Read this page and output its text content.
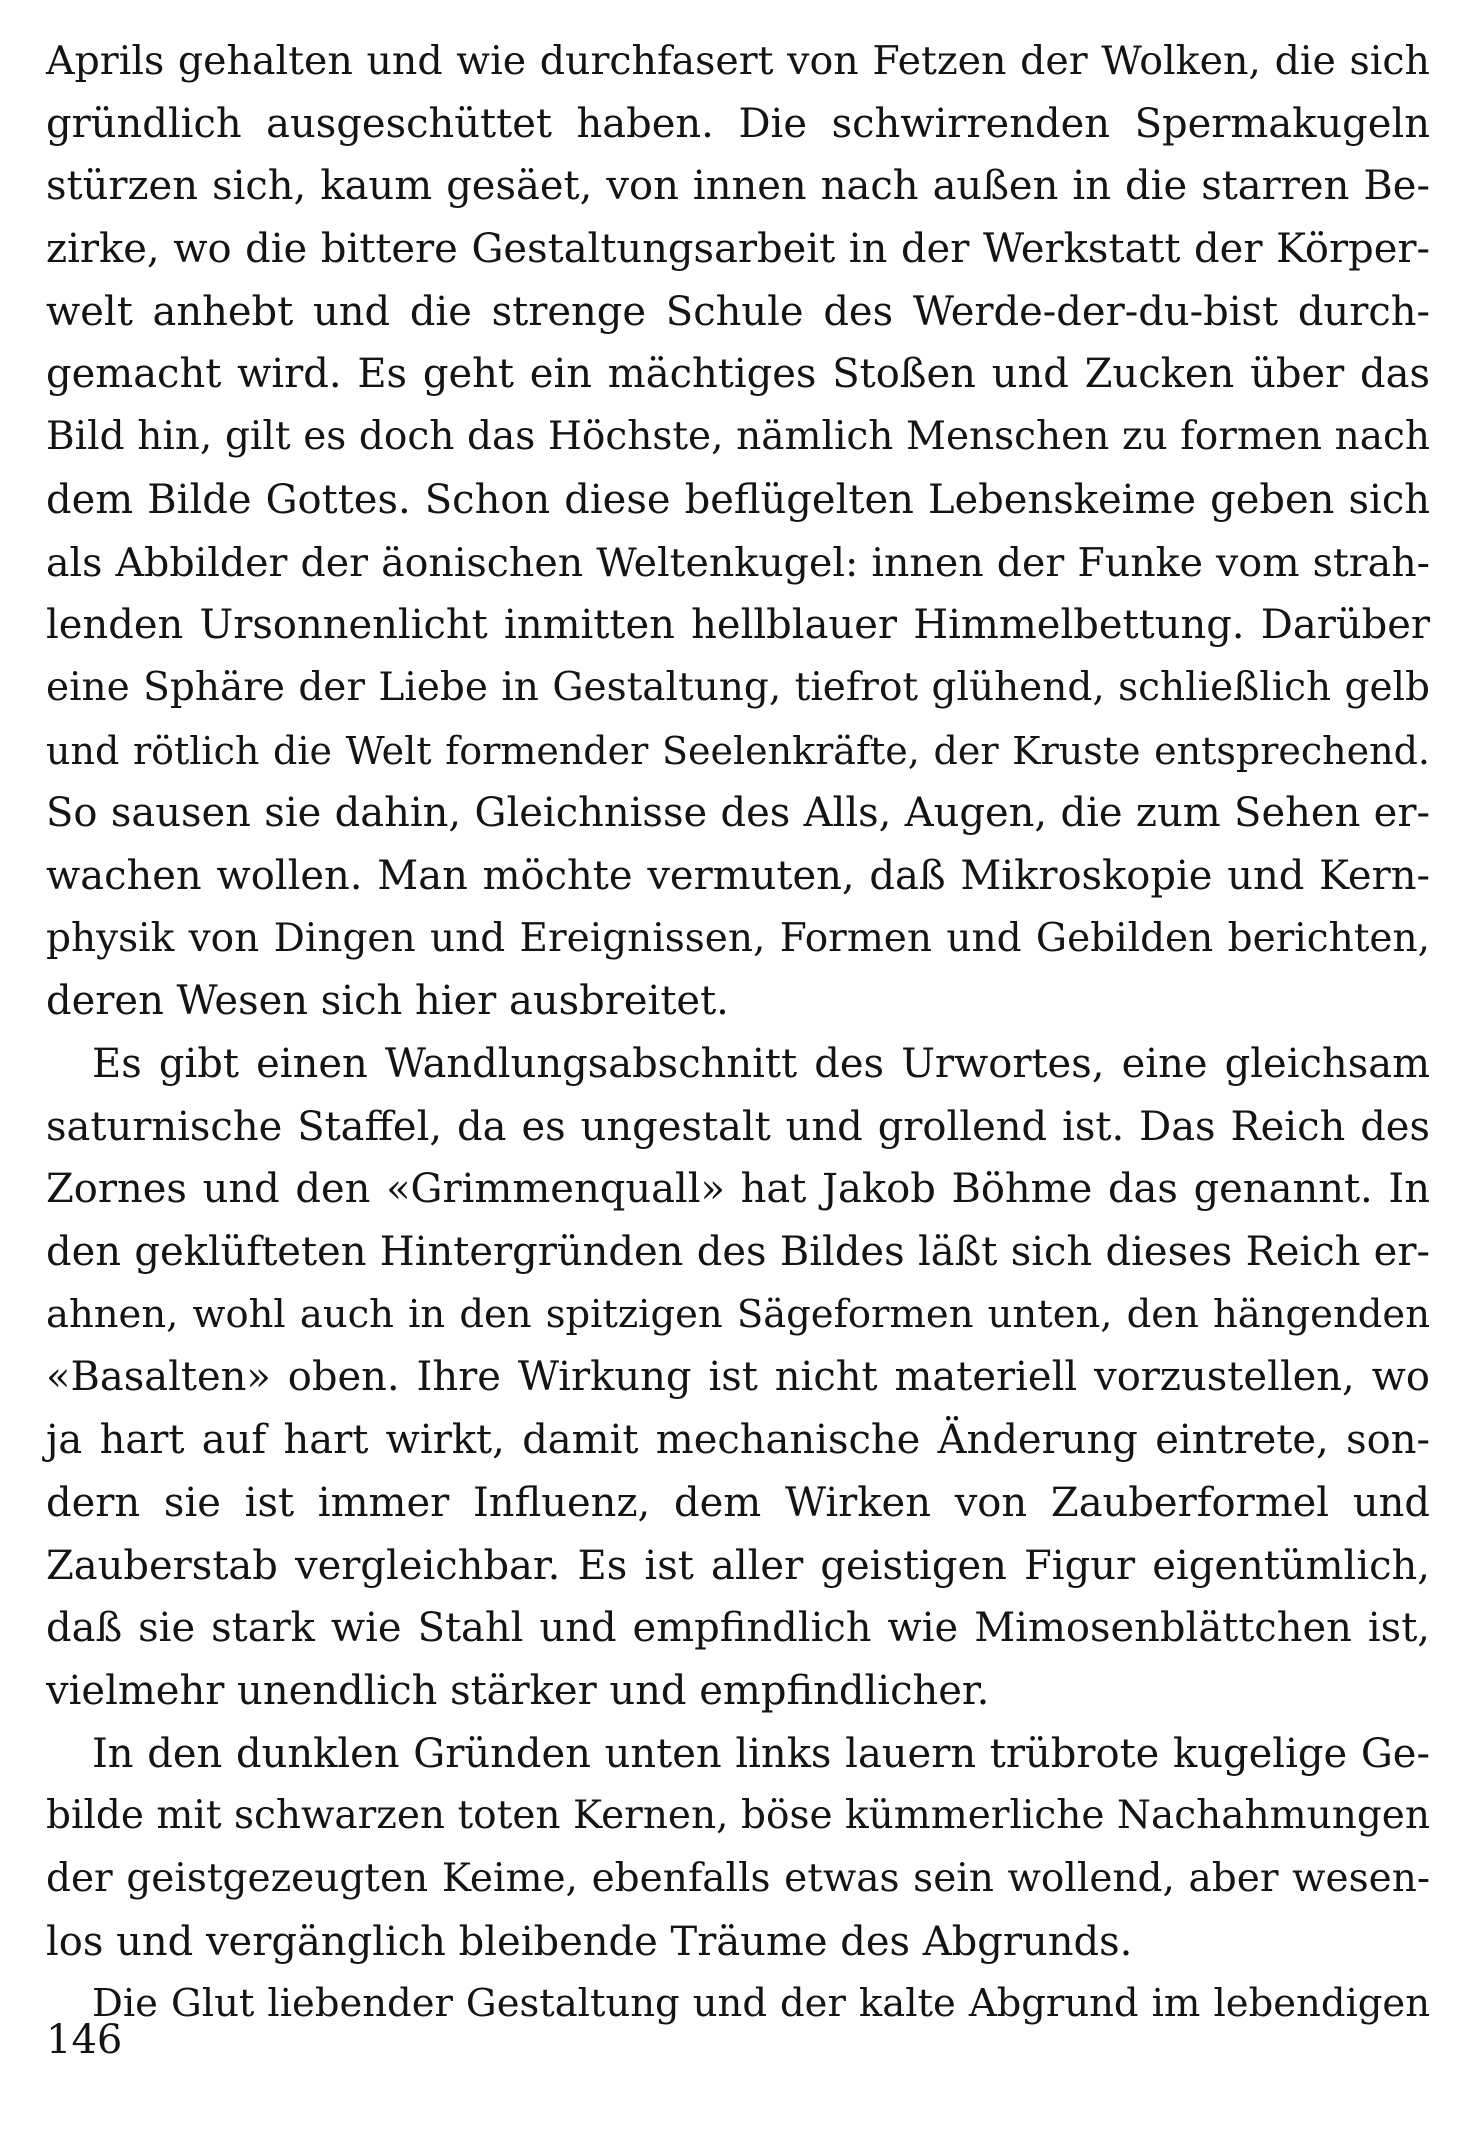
Aprils gehalten und wie durchfasert von Fetzen der Wolken, die sich
gründlich ausgeschüttet haben. Die schwirrenden Spermakugeln
stürzen sich, kaum gesäet, von innen nach außen in die starren Be-
zirke, wo die bittere Gestaltungsarbeit in der Werkstatt der Körper-
welt anhebt und die strenge Schule des Werde-der-du-bist durch-
gemacht wird. Es geht ein mächtiges Stoßen und Zucken über das
Bild hin, gilt es doch das Höchste, nämlich Menschen zu formen nach
dem Bilde Gottes. Schon diese beflügelten Lebenskeime geben sich
als Abbilder der äonischen Weltenkugel: innen der Funke vom strah-
lenden Ursonnenlicht inmitten hellblauer Himmelbettung. Darüber
eine Sphäre der Liebe in Gestaltung, tiefrot glühend, schließlich gelb
und rötlich die Welt formender Seelenkräfte, der Kruste entsprechend.
So sausen sie dahin, Gleichnisse des Alls, Augen, die zum Sehen er-
wachen wollen. Man möchte vermuten, daß Mikroskopie und Kern-
physik von Dingen und Ereignissen, Formen und Gebilden berichten,
deren Wesen sich hier ausbreitet.
Es gibt einen Wandlungsabschnitt des Urwortes, eine gleichsam
saturnische Staffel, da es ungestalt und grollend ist. Das Reich des
Zornes und den «Grimmenquall» hat Jakob Böhme das genannt. In
den geklüfteten Hintergründen des Bildes läßt sich dieses Reich er-
ahnen, wohl auch in den spitzigen Sägeformen unten, den hängenden
«Basalten» oben. Ihre Wirkung ist nicht materiell vorzustellen, wo
ja hart auf hart wirkt, damit mechanische Änderung eintrete, son-
dern sie ist immer Influenz, dem Wirken von Zauberformel und
Zauberstab vergleichbar. Es ist aller geistigen Figur eigentümlich,
daß sie stark wie Stahl und empfindlich wie Mimosenblättchen ist,
vielmehr unendlich stärker und empfindlicher.
In den dunklen Gründen unten links lauern trübrote kugelige Ge-
bilde mit schwarzen toten Kernen, böse kümmerliche Nachahmungen
der geistgezeugten Keime, ebenfalls etwas sein wollend, aber wesen-
los und vergänglich bleibende Träume des Abgrunds.
Die Glut liebender Gestaltung und der kalte Abgrund im lebendigen
146
